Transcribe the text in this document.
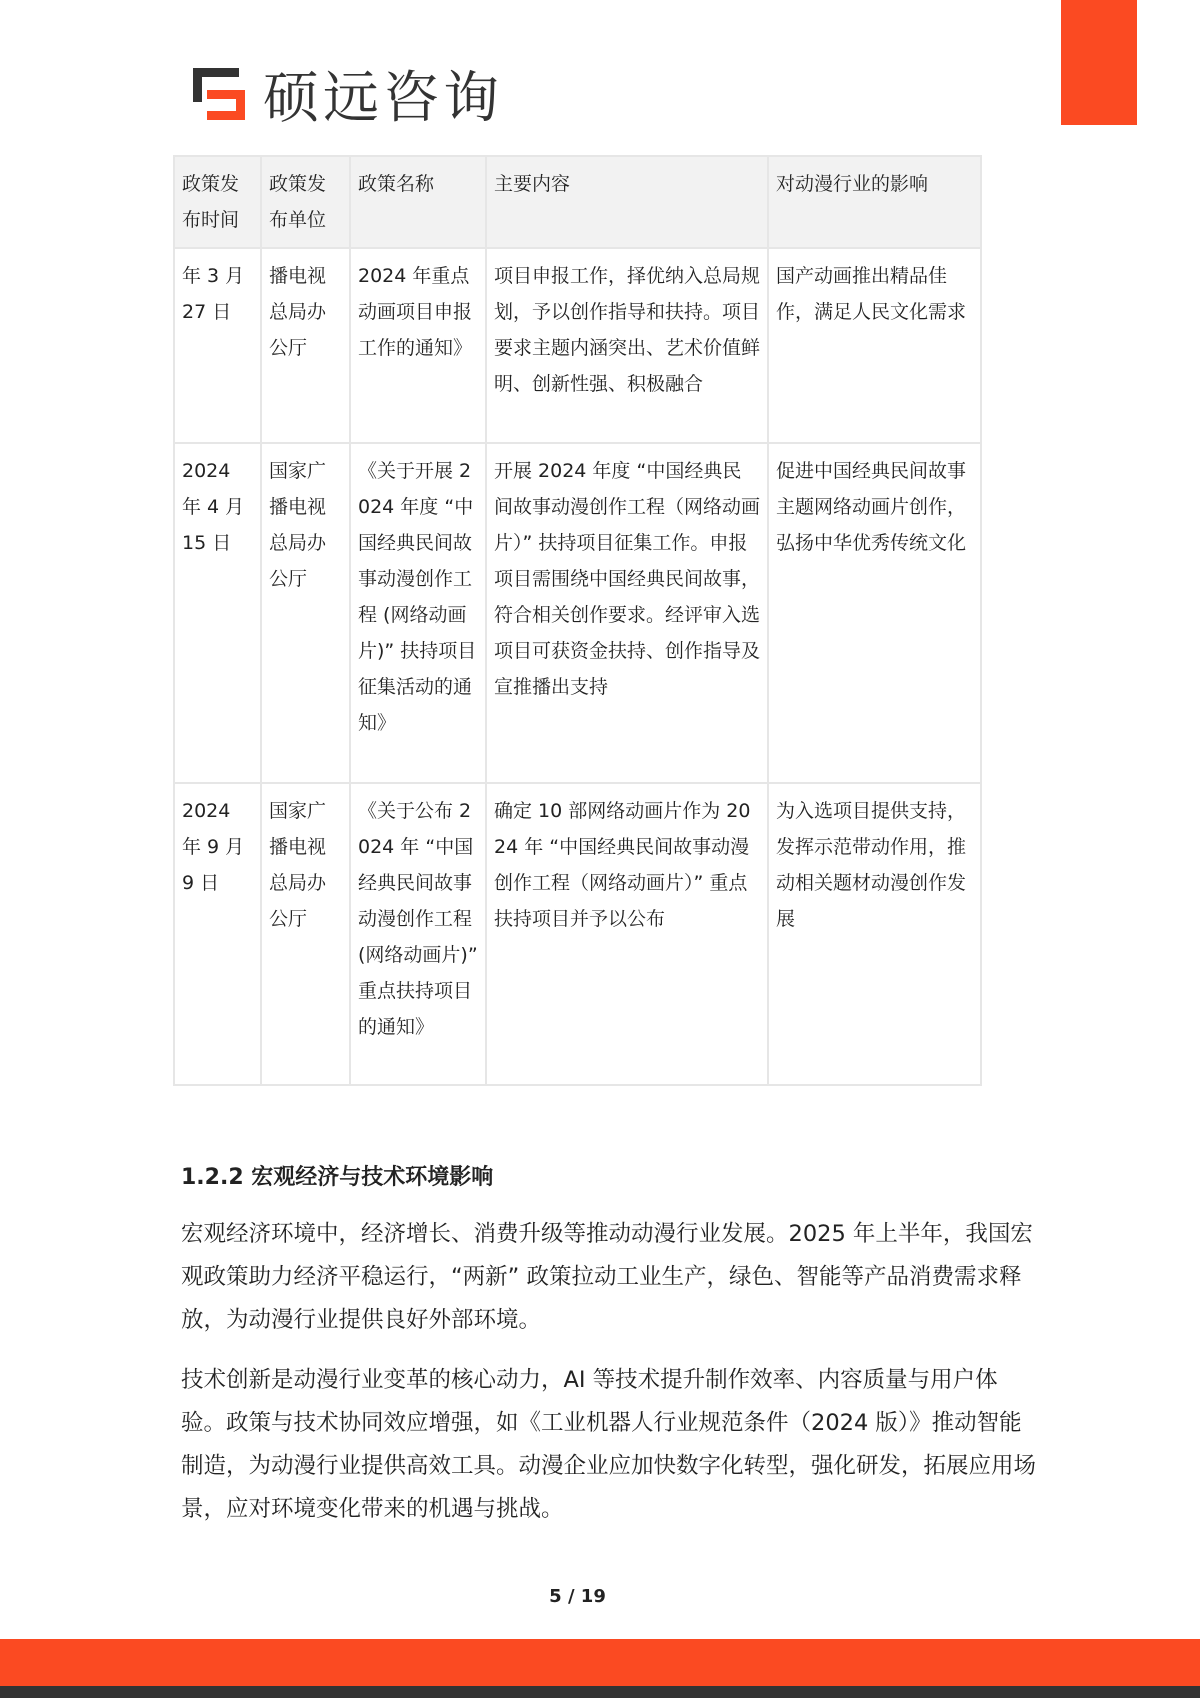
硕远咨询
政策发布时间	政策发布单位	政策名称	主要内容	对动漫行业的影响
年 3 月 27 日	播电视总局办公厅	2024 年重点动画项目申报工作的通知》	项目申报工作，择优纳入总局规划，予以创作指导和扶持。项目要求主题内涵突出、艺术价值鲜明、创新性强、积极融合	国产动画推出精品佳作，满足人民文化需求
2024 年 4 月 15 日	国家广播电视总局办公厅	《关于开展 2024 年度 “中国经典民间故事动漫创作工程 (网络动画片)” 扶持项目征集活动的通知》	开展 2024 年度 “中国经典民间故事动漫创作工程（网络动画片）” 扶持项目征集工作。申报项目需围绕中国经典民间故事，符合相关创作要求。经评审入选项目可获资金扶持、创作指导及宣推播出支持	促进中国经典民间故事主题网络动画片创作，弘扬中华优秀传统文化
2024 年 9 月 9 日	国家广播电视总局办公厅	《关于公布 2024 年 “中国经典民间故事动漫创作工程 (网络动画片)” 重点扶持项目的通知》	确定 10 部网络动画片作为 2024 年 “中国经典民间故事动漫创作工程（网络动画片）” 重点扶持项目并予以公布	为入选项目提供支持，发挥示范带动作用，推动相关题材动漫创作发展
1.2.2 宏观经济与技术环境影响

宏观经济环境中，经济增长、消费升级等推动动漫行业发展。2025 年上半年，我国宏观政策助力经济平稳运行，“两新” 政策拉动工业生产，绿色、智能等产品消费需求释放，为动漫行业提供良好外部环境。

技术创新是动漫行业变革的核心动力，AI 等技术提升制作效率、内容质量与用户体验。政策与技术协同效应增强，如《工业机器人行业规范条件（2024 版）》推动智能制造，为动漫行业提供高效工具。动漫企业应加快数字化转型，强化研发，拓展应用场景，应对环境变化带来的机遇与挑战。

5 / 19
